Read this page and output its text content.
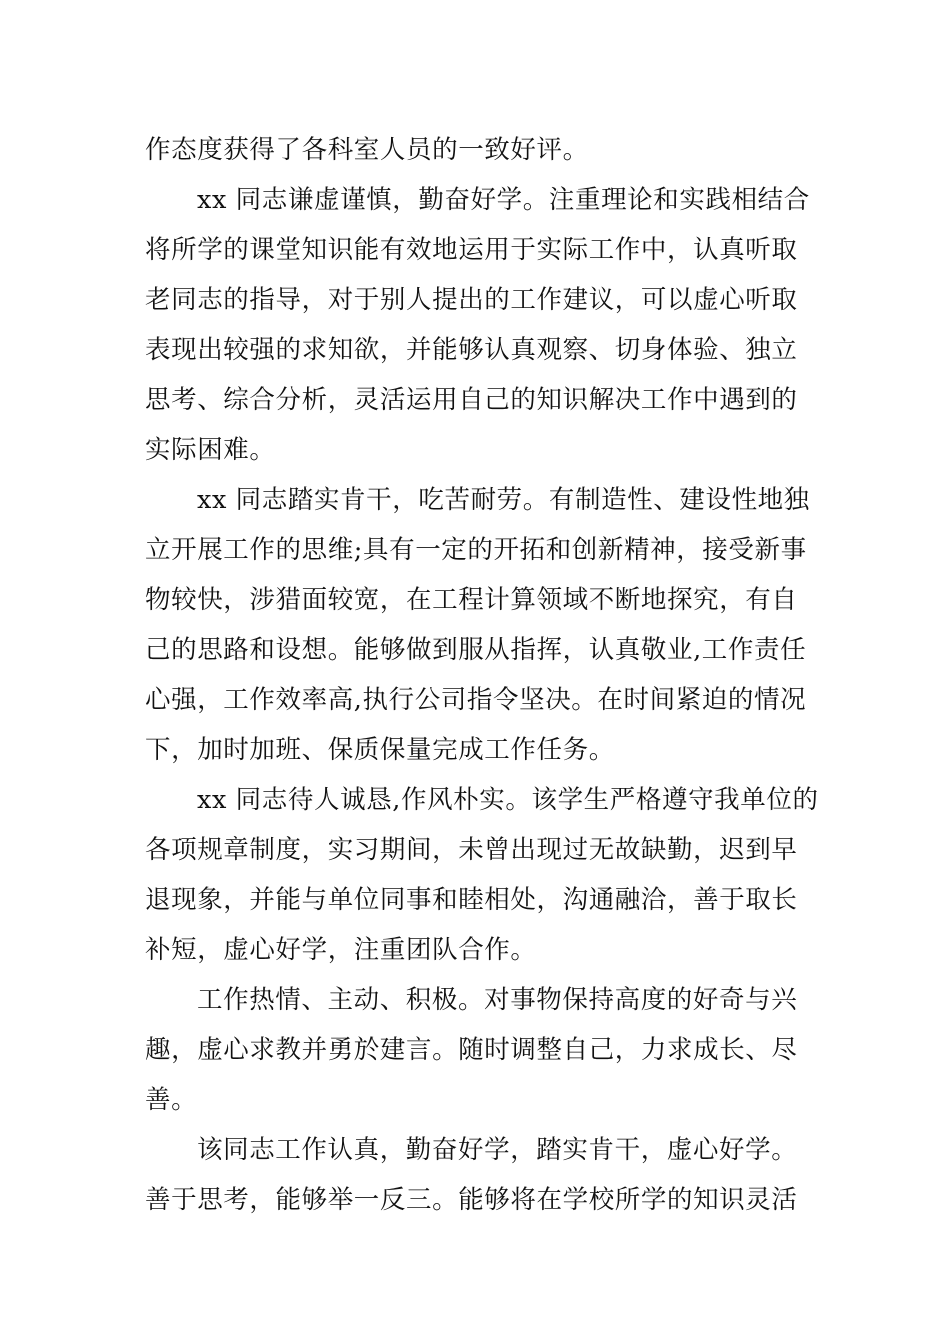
作态度获得了各科室人员的一致好评。
xx 同志谦虚谨慎，勤奋好学。注重理论和实践相结合
将所学的课堂知识能有效地运用于实际工作中，认真听取
老同志的指导，对于别人提出的工作建议，可以虚心听取
表现出较强的求知欲，并能够认真观察、切身体验、独立
思考、综合分析，灵活运用自己的知识解决工作中遇到的
实际困难。
xx 同志踏实肯干，吃苦耐劳。有制造性、建设性地独
立开展工作的思维;具有一定的开拓和创新精神，接受新事
物较快，涉猎面较宽，在工程计算领域不断地探究，有自
己的思路和设想。能够做到服从指挥，认真敬业,工作责任
心强，工作效率高,执行公司指令坚决。在时间紧迫的情况
下，加时加班、保质保量完成工作任务。
xx 同志待人诚恳,作风朴实。该学生严格遵守我单位的
各项规章制度，实习期间，未曾出现过无故缺勤，迟到早
退现象，并能与单位同事和睦相处，沟通融洽，善于取长
补短，虚心好学，注重团队合作。
工作热情、主动、积极。对事物保持高度的好奇与兴
趣，虚心求教并勇於建言。随时调整自己，力求成长、尽
善。
该同志工作认真，勤奋好学，踏实肯干，虚心好学。
善于思考，能够举一反三。能够将在学校所学的知识灵活
